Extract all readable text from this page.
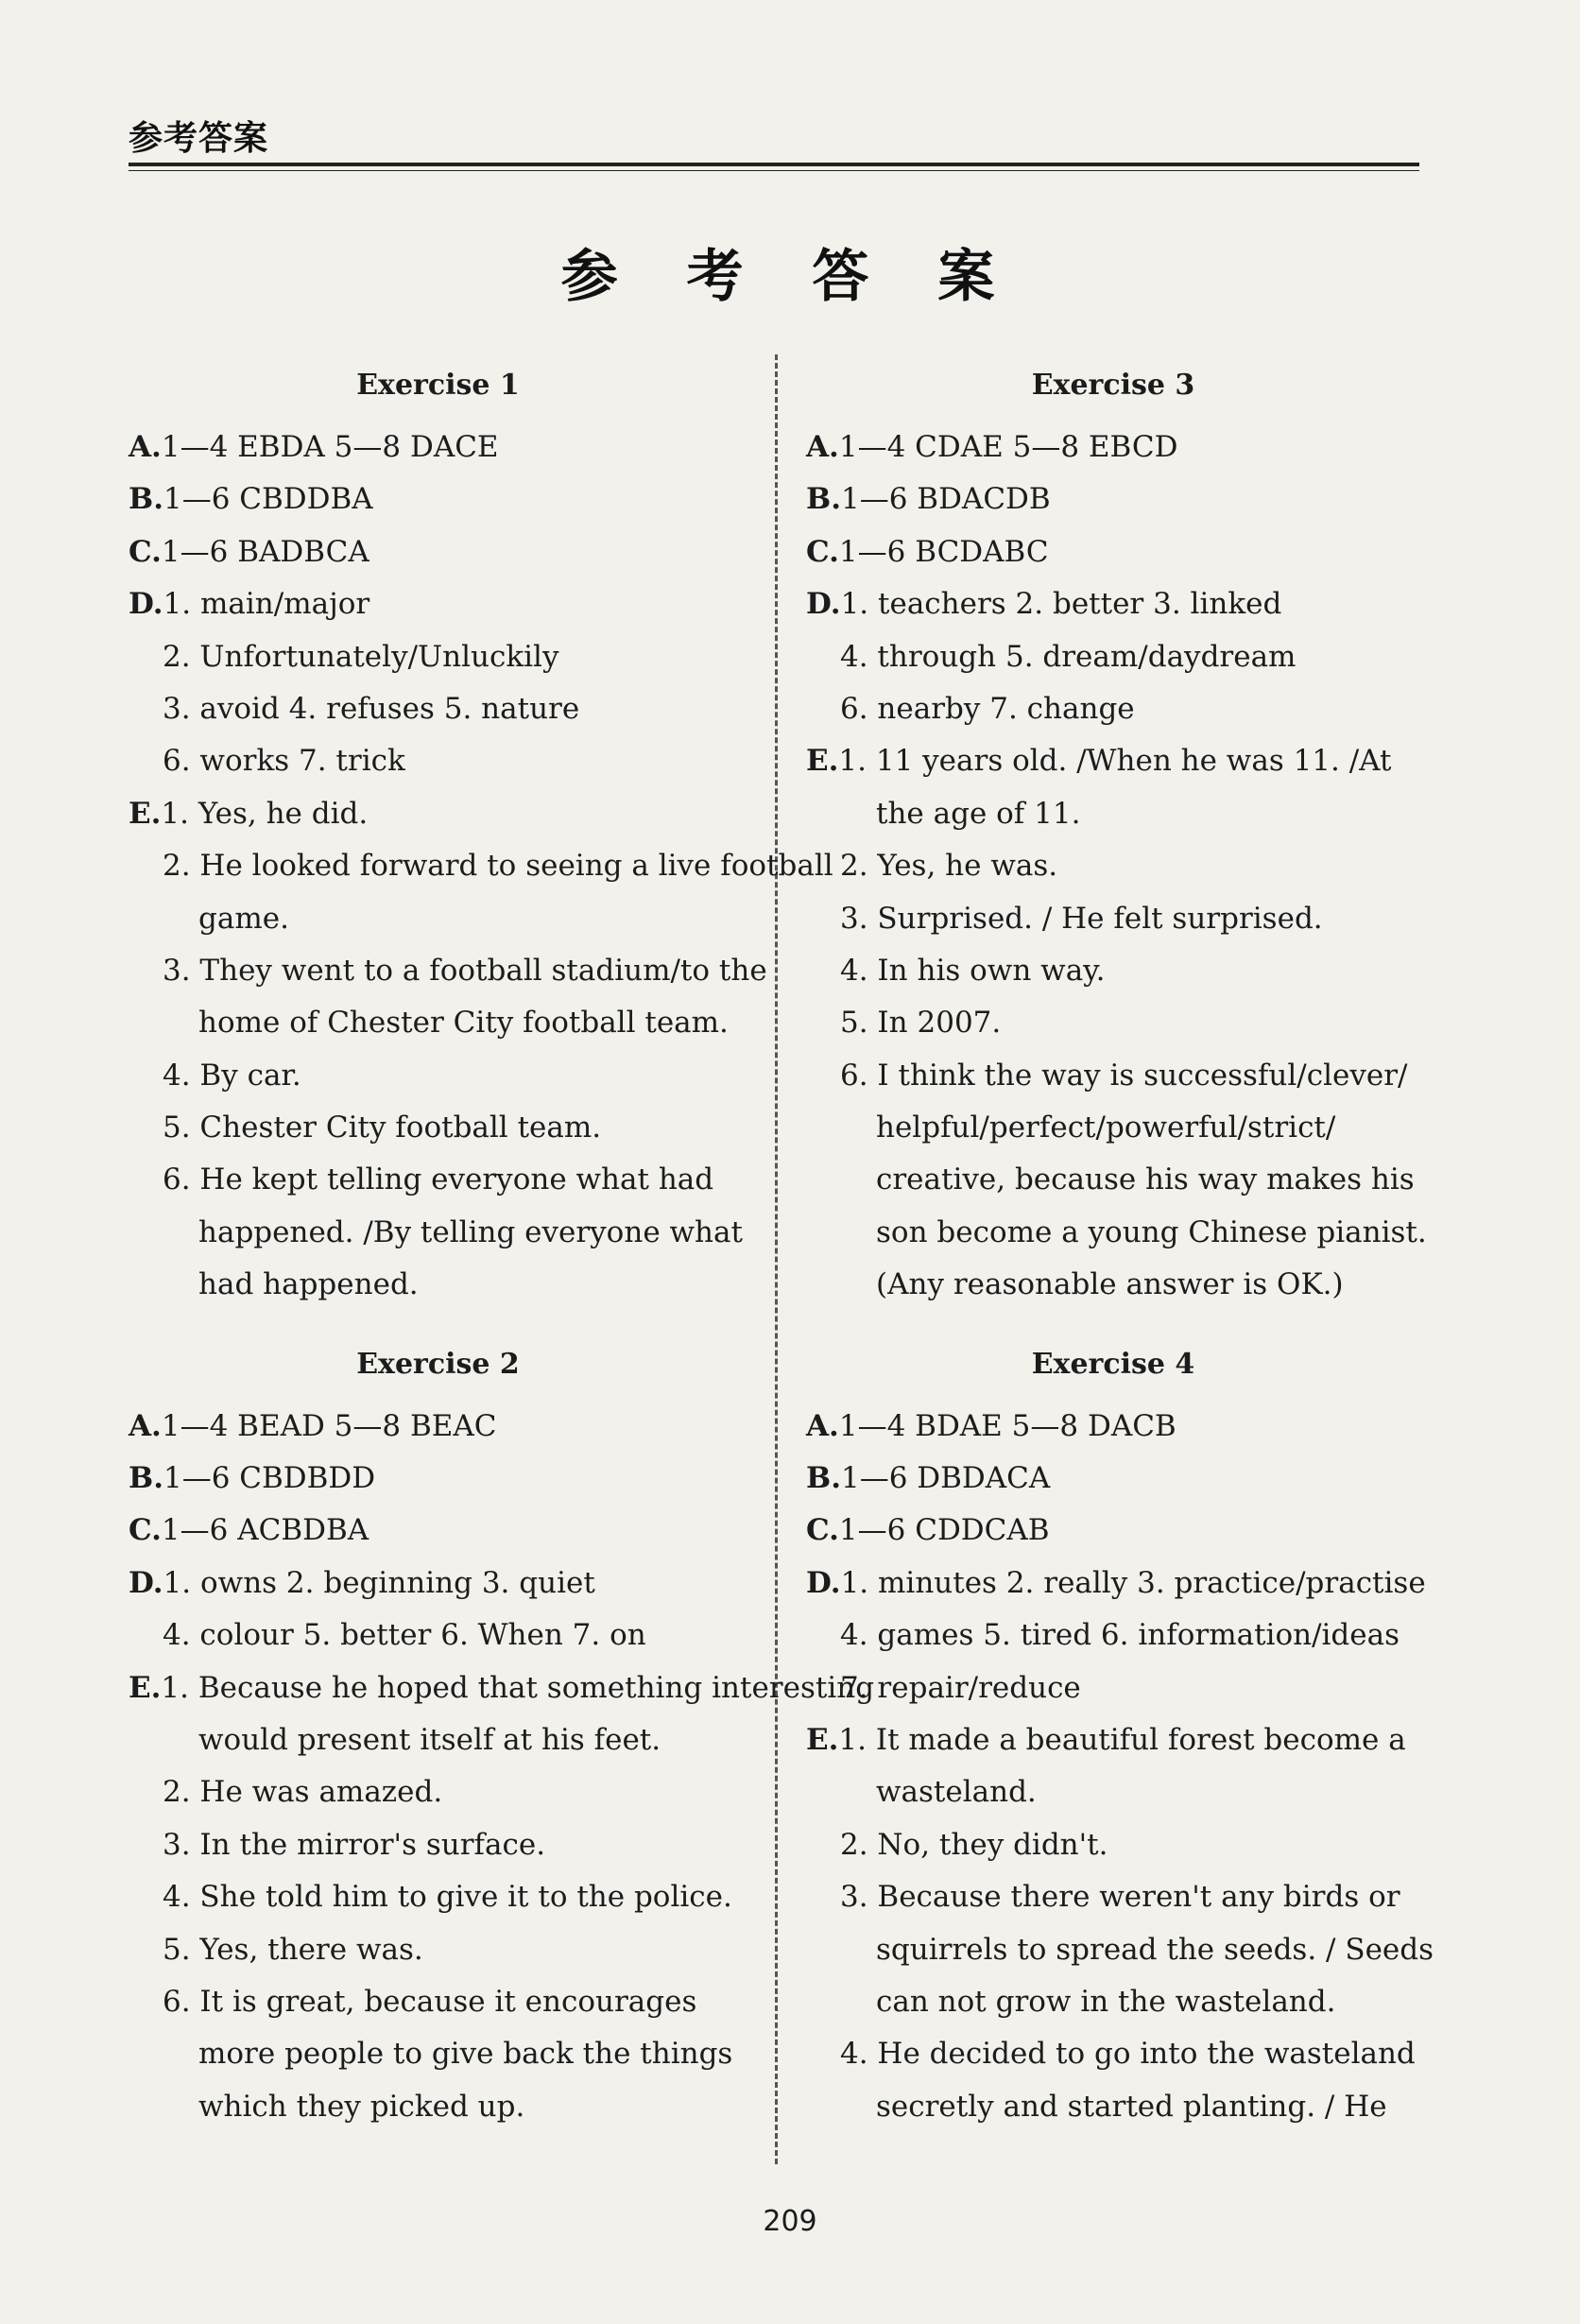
参考答案
参 考 答 案
Exercise 1
A.1—4 EBDA 5—8 DACE
B.1—6 CBDDBA
C.1—6 BADBCA
D.1. main/major
2. Unfortunately/Unluckily
3. avoid 4. refuses 5. nature
6. works 7. trick
E.1. Yes, he did.
2. He looked forward to seeing a live football
game.
3. They went to a football stadium/to the
home of Chester City football team.
4. By car.
5. Chester City football team.
6. He kept telling everyone what had
happened. /By telling everyone what
had happened.
Exercise 2
A.1—4 BEAD 5—8 BEAC
B.1—6 CBDBDD
C.1—6 ACBDBA
D.1. owns 2. beginning 3. quiet
4. colour 5. better 6. When 7. on
E.1. Because he hoped that something interesting
would present itself at his feet.
2. He was amazed.
3. In the mirror's surface.
4. She told him to give it to the police.
5. Yes, there was.
6. It is great, because it encourages
more people to give back the things
which they picked up.
Exercise 3
A.1—4 CDAE 5—8 EBCD
B.1—6 BDACDB
C.1—6 BCDABC
D.1. teachers 2. better 3. linked
4. through 5. dream/daydream
6. nearby 7. change
E.1. 11 years old. /When he was 11. /At
the age of 11.
2. Yes, he was.
3. Surprised. / He felt surprised.
4. In his own way.
5. In 2007.
6. I think the way is successful/clever/
helpful/perfect/powerful/strict/
creative, because his way makes his
son become a young Chinese pianist.
(Any reasonable answer is OK.)
Exercise 4
A.1—4 BDAE 5—8 DACB
B.1—6 DBDACA
C.1—6 CDDCAB
D.1. minutes 2. really 3. practice/practise
4. games 5. tired 6. information/ideas
7. repair/reduce
E.1. It made a beautiful forest become a
wasteland.
2. No, they didn't.
3. Because there weren't any birds or
squirrels to spread the seeds. / Seeds
can not grow in the wasteland.
4. He decided to go into the wasteland
secretly and started planting. / He
209
